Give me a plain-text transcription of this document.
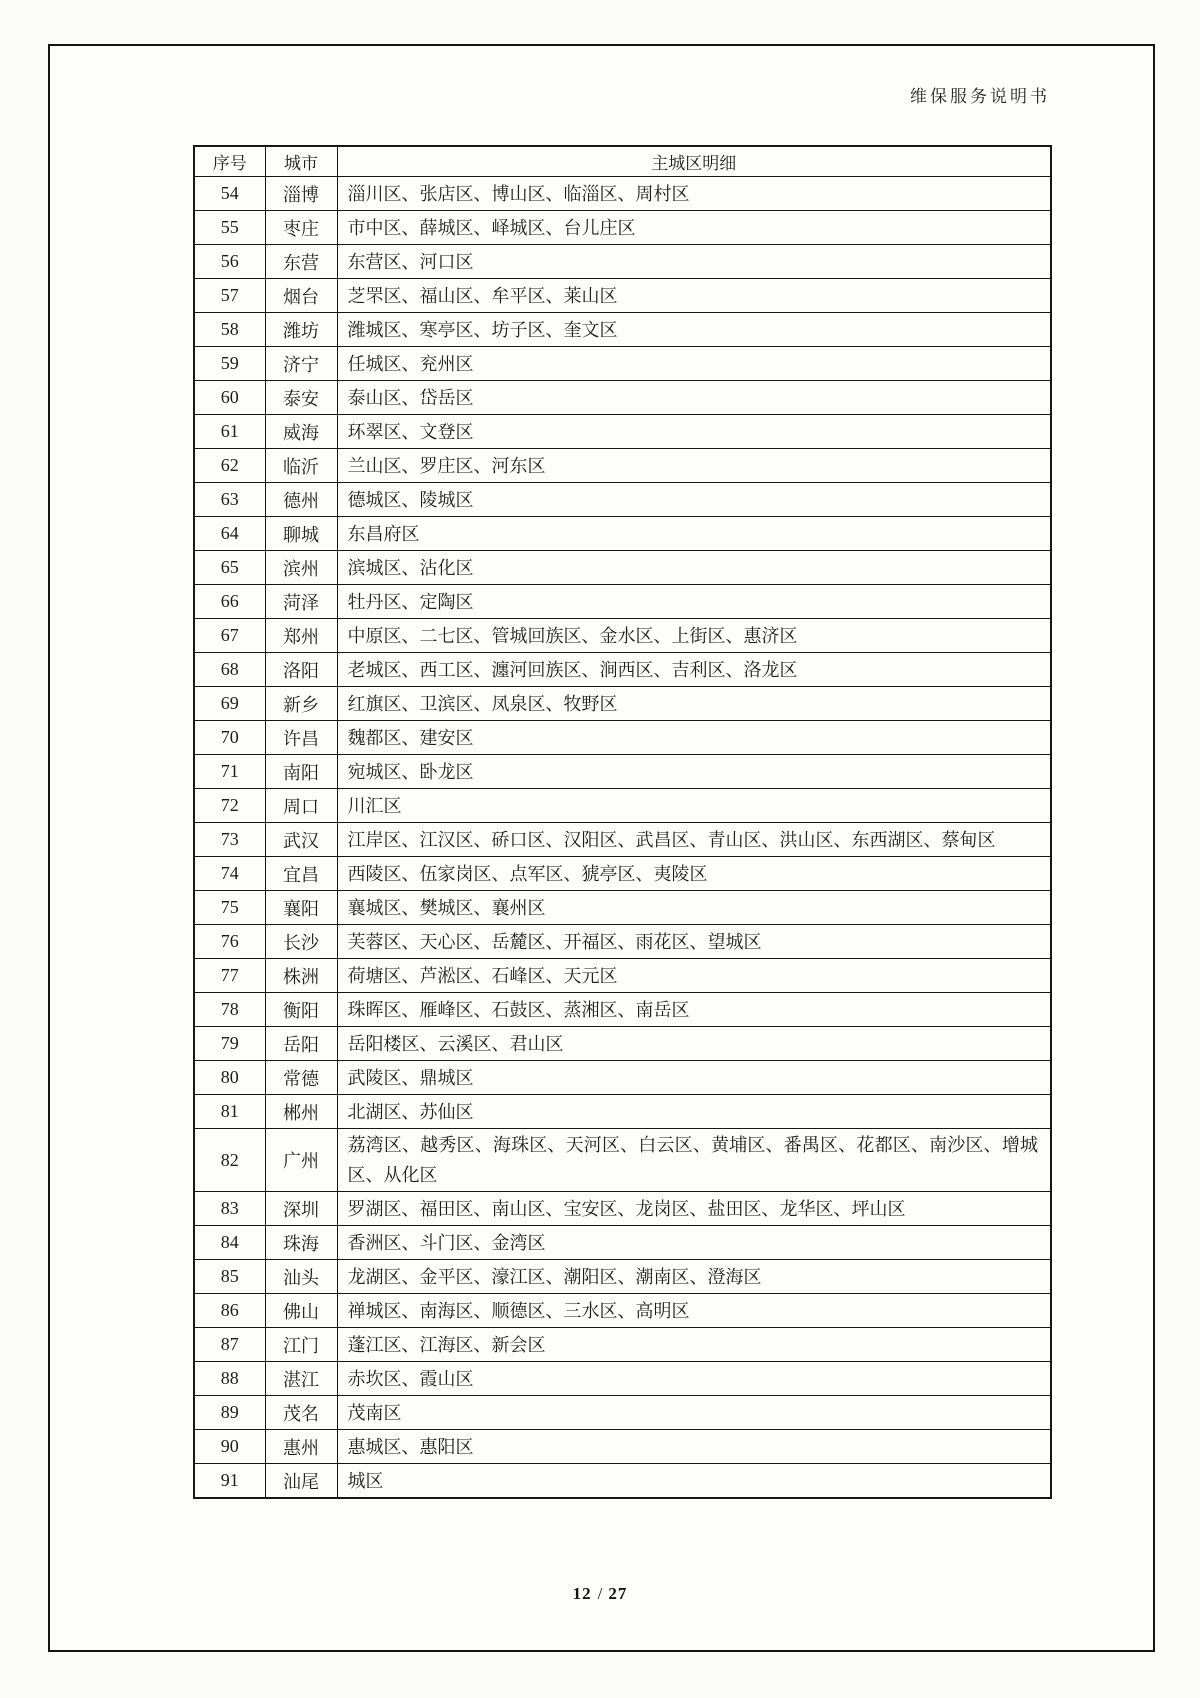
维保服务说明书
序号	城市	主城区明细
54	淄博	淄川区、张店区、博山区、临淄区、周村区
55	枣庄	市中区、薛城区、峄城区、台儿庄区
56	东营	东营区、河口区
57	烟台	芝罘区、福山区、牟平区、莱山区
58	潍坊	潍城区、寒亭区、坊子区、奎文区
59	济宁	任城区、兖州区
60	泰安	泰山区、岱岳区
61	威海	环翠区、文登区
62	临沂	兰山区、罗庄区、河东区
63	德州	德城区、陵城区
64	聊城	东昌府区
65	滨州	滨城区、沾化区
66	菏泽	牡丹区、定陶区
67	郑州	中原区、二七区、管城回族区、金水区、上街区、惠济区
68	洛阳	老城区、西工区、瀍河回族区、涧西区、吉利区、洛龙区
69	新乡	红旗区、卫滨区、凤泉区、牧野区
70	许昌	魏都区、建安区
71	南阳	宛城区、卧龙区
72	周口	川汇区
73	武汉	江岸区、江汉区、硚口区、汉阳区、武昌区、青山区、洪山区、东西湖区、蔡甸区
74	宜昌	西陵区、伍家岗区、点军区、猇亭区、夷陵区
75	襄阳	襄城区、樊城区、襄州区
76	长沙	芙蓉区、天心区、岳麓区、开福区、雨花区、望城区
77	株洲	荷塘区、芦淞区、石峰区、天元区
78	衡阳	珠晖区、雁峰区、石鼓区、蒸湘区、南岳区
79	岳阳	岳阳楼区、云溪区、君山区
80	常德	武陵区、鼎城区
81	郴州	北湖区、苏仙区
82	广州	荔湾区、越秀区、海珠区、天河区、白云区、黄埔区、番禺区、花都区、南沙区、增城区、从化区
83	深圳	罗湖区、福田区、南山区、宝安区、龙岗区、盐田区、龙华区、坪山区
84	珠海	香洲区、斗门区、金湾区
85	汕头	龙湖区、金平区、濠江区、潮阳区、潮南区、澄海区
86	佛山	禅城区、南海区、顺德区、三水区、高明区
87	江门	蓬江区、江海区、新会区
88	湛江	赤坎区、霞山区
89	茂名	茂南区
90	惠州	惠城区、惠阳区
91	汕尾	城区
12 / 27
